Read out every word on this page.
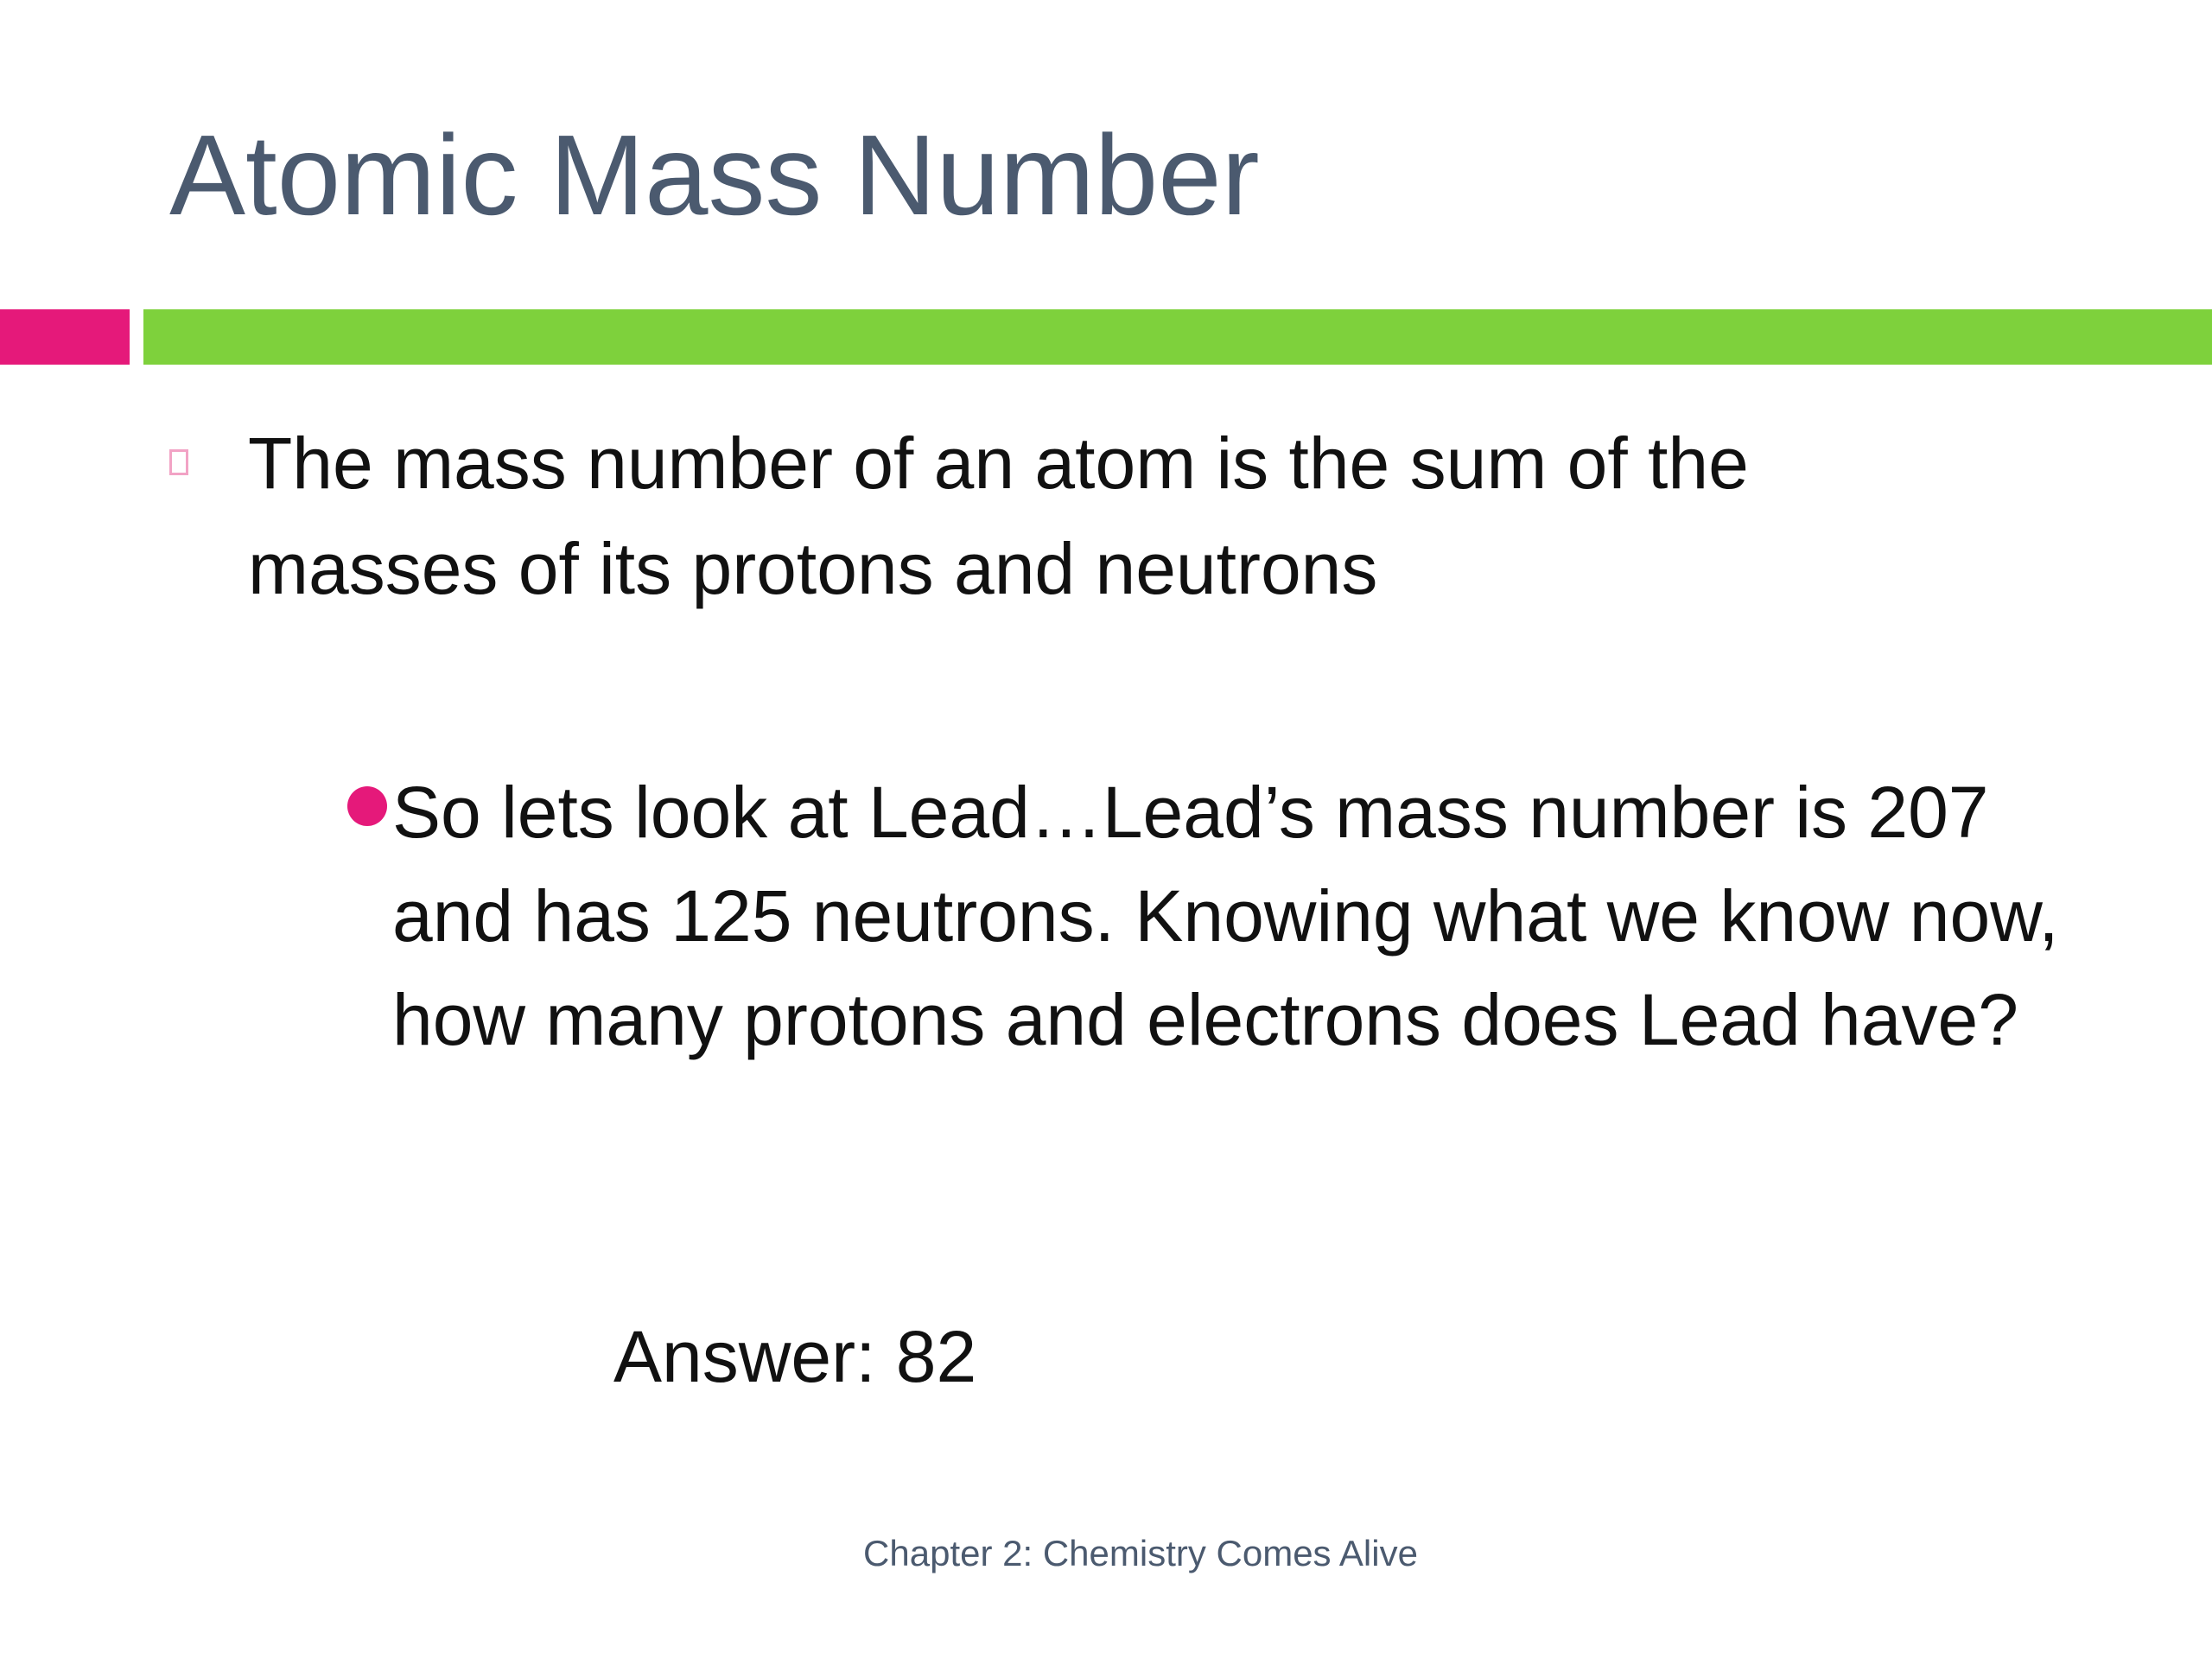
Atomic Mass Number
The mass number of an atom is the sum of the masses of its protons and neutrons
So lets look at Lead…Lead’s mass number is 207 and has 125 neutrons. Knowing what we know now, how many protons and electrons does Lead have?
Answer: 82
Chapter 2: Chemistry Comes Alive
